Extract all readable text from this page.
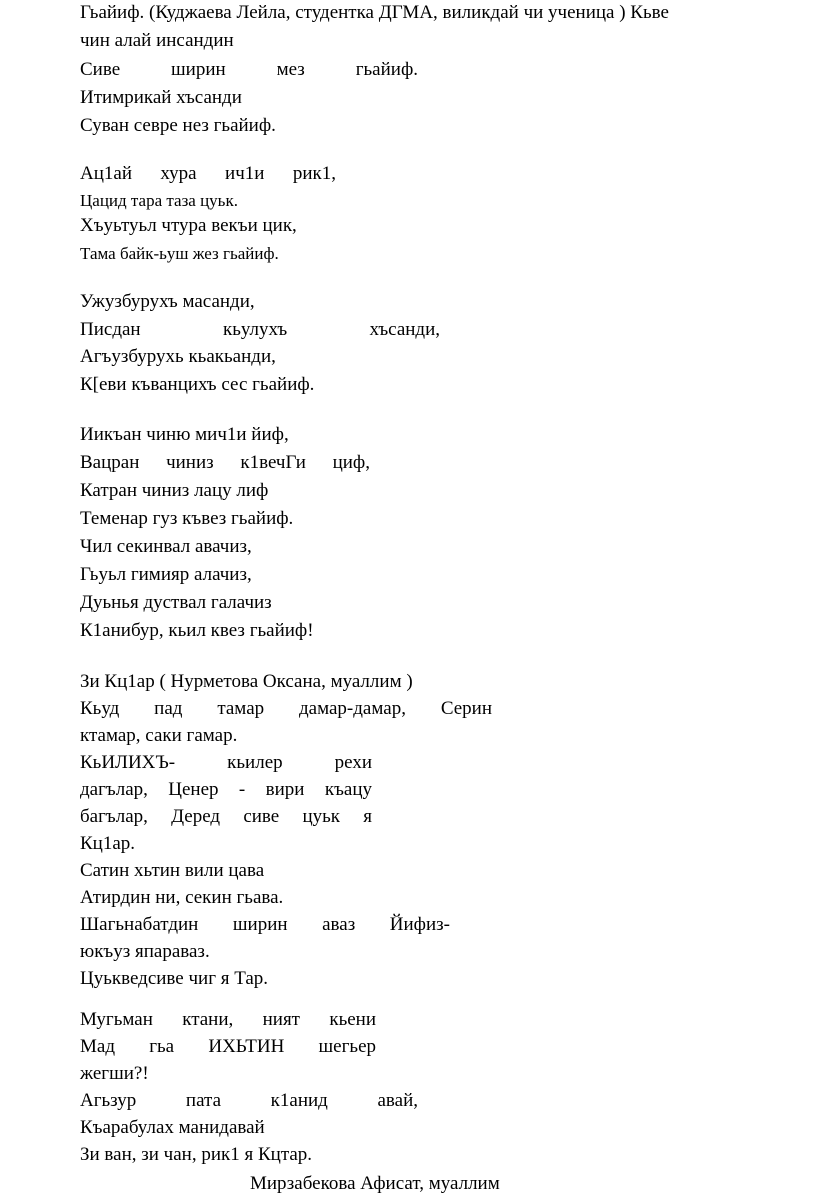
Гьайиф. (Куджаева Лейла, студентка ДГМА, виликдай чи ученица ) Кьве
чин алай инсандин
Сиве ширин мез гьайиф.
Итимрикай хъсанди
Суван севре нез гьайиф.
Ац1ай хура ич1и рик1,
Цацид тара таза цуьк.
Хъуьтуьл чтура векъи цик,
Тама байк-ьуш жез гьайиф.
Ужузбурухъ масанди,
Писдан кьулухъ хъсанди,
Агъузбурухь кьакьанди,
К[еви къванцихъ сес гьайиф.
Иикъан чиню мич1и йиф,
Вацран чиниз к1вечГи циф,
Катран чиниз лацу лиф
Теменар гуз къвез гьайиф.
Чил секинвал авачиз,
Гьуьл гимияр алачиз,
Дуьнья дуствал галачиз
К1анибур, кьил квез гьайиф!
Зи Кц1ар ( Нурметова Оксана, муаллим )
Кьуд пад тамар дамар-дамар, Серин
ктамар, саки гамар.
КьИЛИХЪ- кьилер рехи
дагълар, Ценер - вири къацу
багълар, Деред сиве цуьк я
Кц1ар.
Сатин хьтин вили цава
Атирдин ни, секин гьава.
Шагьнабатдин ширин аваз Йифиз-
юкъуз япараваз.
Цуькведсиве чиг я Тар.
Мугьман ктани, ният кьени
Мад гьа ИХЬТИН шегьер
жегши?!
Агьзур пата к1анид авай,
Къарабулах манидавай
Зи ван, зи чан, рик1 я Кцтар.
Мирзабекова Афисат, муаллим
